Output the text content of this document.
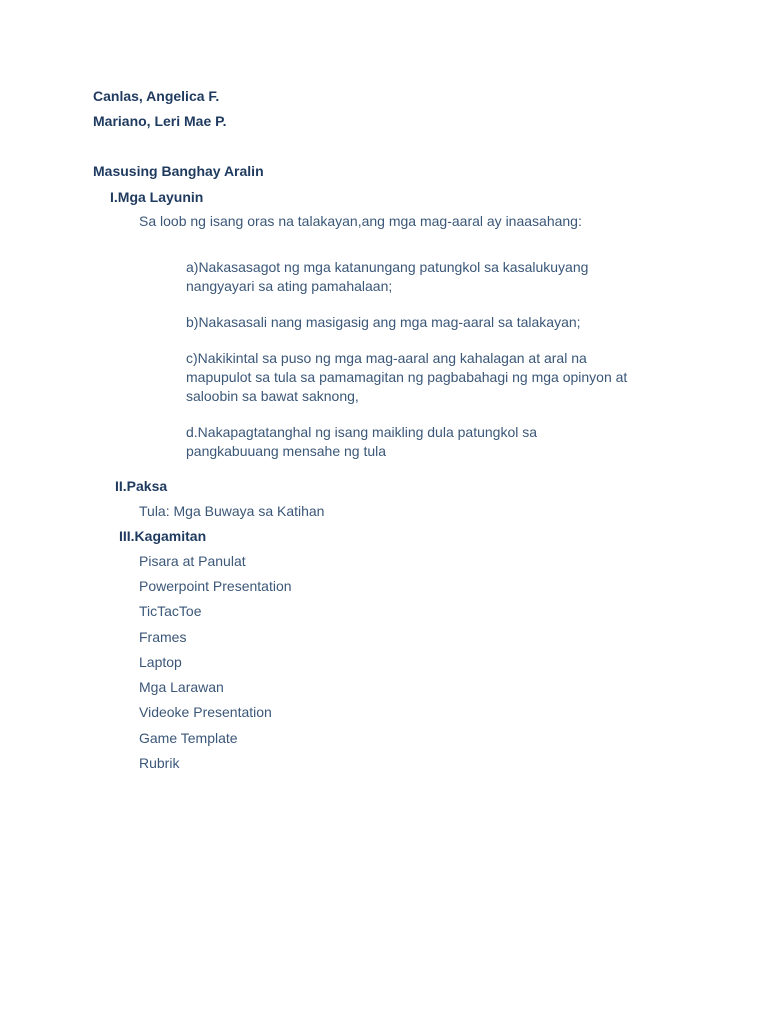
Canlas, Angelica F.
Mariano, Leri Mae P.
Masusing Banghay Aralin
I.Mga Layunin
Sa loob ng isang oras na talakayan,ang mga mag-aaral ay inaasahang:
a)Nakasasagot ng mga katanungang patungkol sa kasalukuyang
nangyayari sa ating pamahalaan;
b)Nakasasali nang masigasig ang mga mag-aaral sa talakayan;
c)Nakikintal sa puso ng mga mag-aaral ang kahalagan at aral na
mapupulot sa tula sa pamamagitan ng pagbabahagi ng mga opinyon at
saloobin sa bawat saknong,
d.Nakapagtatanghal ng isang maikling dula patungkol sa
pangkabuuang mensahe ng tula
II.Paksa
Tula: Mga Buwaya sa Katihan
III.Kagamitan
Pisara at Panulat
Powerpoint Presentation
TicTacToe
Frames
Laptop
Mga Larawan
Videoke Presentation
Game Template
Rubrik
